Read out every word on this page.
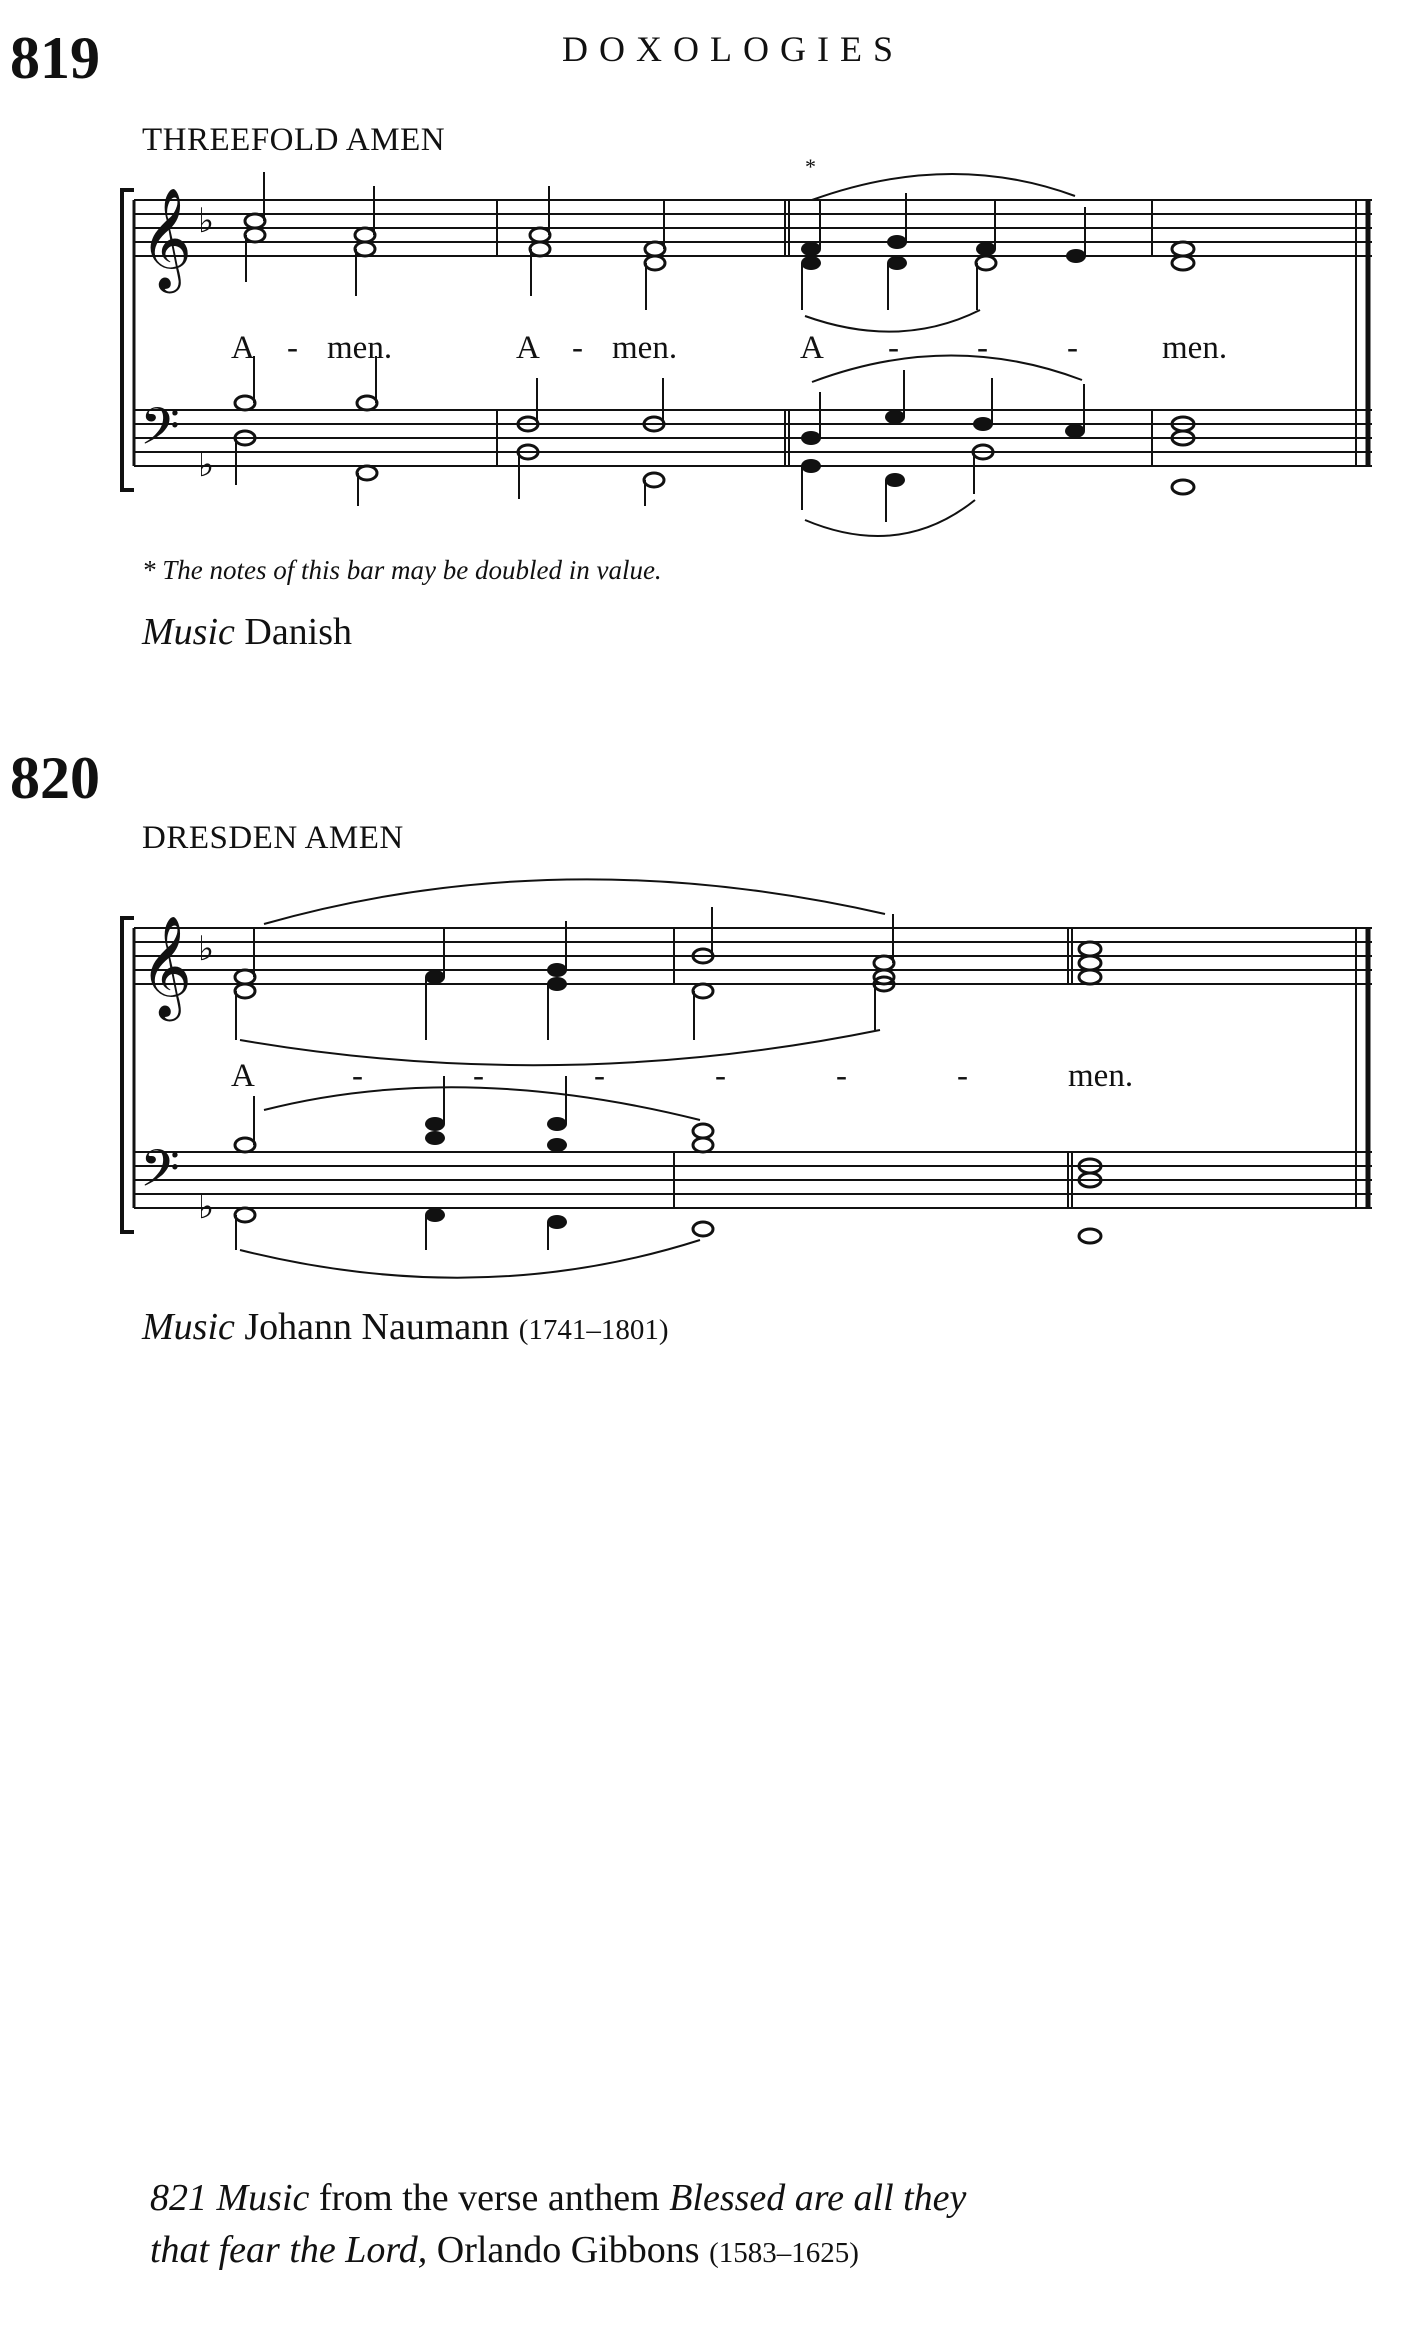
819	DOXOLOGIES
THREEFOLD AMEN
*
𝄞 ♭
𝄢 ♭
A - men.	A - men.	A - - -	men.
* The notes of this bar may be doubled in value.
Music Danish
820
DRESDEN AMEN
𝄞 ♭
𝄢 ♭
A	-	-	-	-	-	-	men.
Music Johann Naumann (1741–1801)
821 Music from the verse anthem Blessed are all they
that fear the Lord, Orlando Gibbons (1583–1625)
